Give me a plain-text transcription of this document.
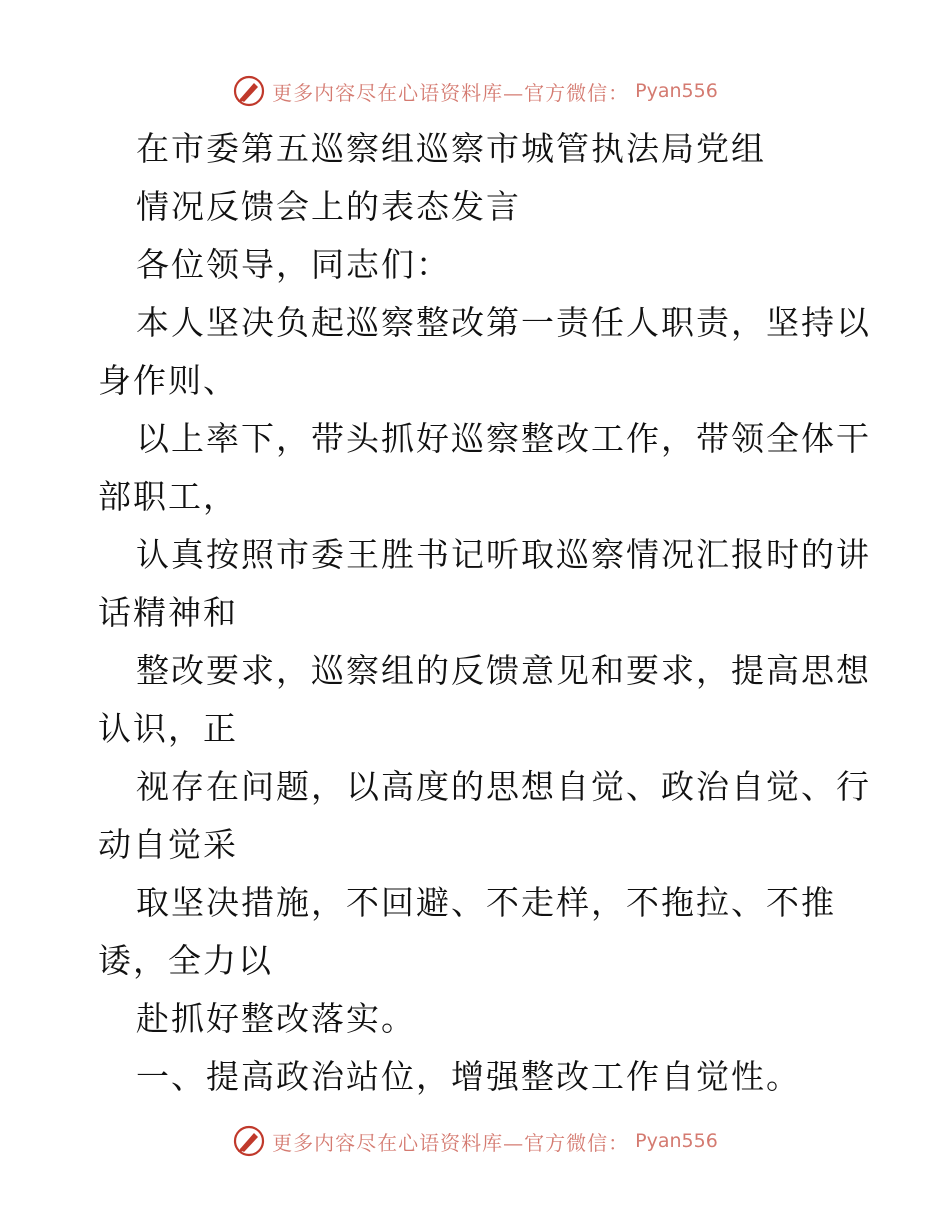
更多内容尽在心语资料库—官方微信： Pyan556
在市委第五巡察组巡察市城管执法局党组
情况反馈会上的表态发言
各位领导，同志们：
本人坚决负起巡察整改第一责任人职责，坚持以
身作则、
以上率下，带头抓好巡察整改工作，带领全体干
部职工，
认真按照市委王胜书记听取巡察情况汇报时的讲
话精神和
整改要求，巡察组的反馈意见和要求，提高思想
认识，正
视存在问题，以高度的思想自觉、政治自觉、行
动自觉采
取坚决措施，不回避、不走样，不拖拉、不推
诿，全力以
赴抓好整改落实。
一、提高政治站位，增强整改工作自觉性。
更多内容尽在心语资料库—官方微信： Pyan556
